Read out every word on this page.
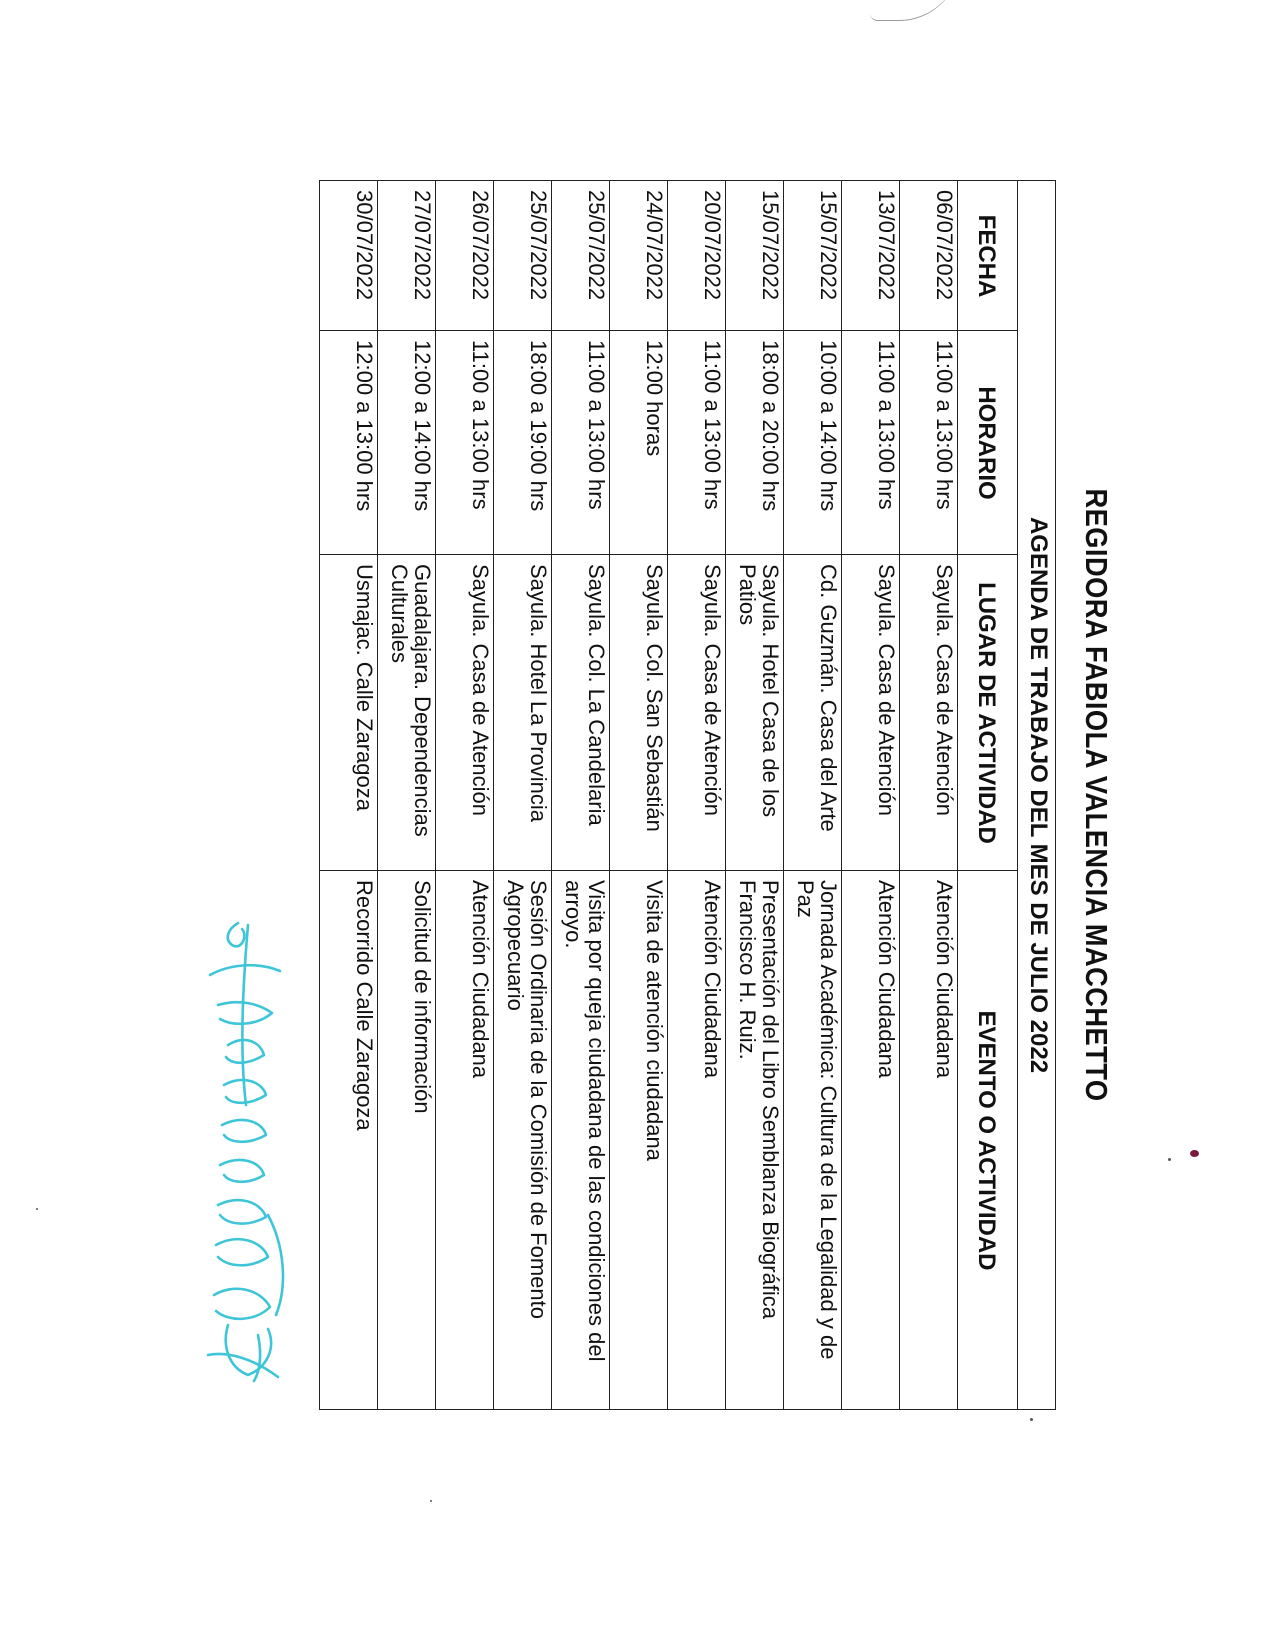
REGIDORA FABIOLA VALENCIA MACCHETTO
AGENDA DE TRABAJO DEL MES DE JULIO 2022			
FECHA	HORARIO	LUGAR DE ACTIVIDAD	EVENTO O ACTIVIDAD
06/07/2022	11:00 a 13:00 hrs	Sayula. Casa de Atención	Atención Ciudadana
13/07/2022	11:00 a 13:00 hrs	Sayula. Casa de Atención	Atención Ciudadana
15/07/2022	10:00 a 14:00 hrs	Cd. Guzmán. Casa del Arte	Jornada Académica: Cultura de la Legalidad y de Paz
15/07/2022	18:00 a 20:00 hrs	Sayula. Hotel Casa de los Patios	Presentación del Libro Semblanza Biográfica Francisco H. Ruiz.
20/07/2022	11:00 a 13:00 hrs	Sayula. Casa de Atención	Atención Ciudadana
24/07/2022	12:00 horas	Sayula. Col. San Sebastián	Visita de atención ciudadana
25/07/2022	11:00 a 13:00 hrs	Sayula. Col. La Candelaria	Visita por queja ciudadana de las condiciones del arroyo.
25/07/2022	18:00 a 19:00 hrs	Sayula. Hotel La Provincia	Sesión Ordinaria de la Comisión de Fomento Agropecuario
26/07/2022	11:00 a 13:00 hrs	Sayula. Casa de Atención	Atención Ciudadana
27/07/2022	12:00 a 14:00 hrs	Guadalajara. Dependencias Culturales	Solicitud de información
30/07/2022	12:00 a 13:00 hrs	Usmajac. Calle Zaragoza	Recorrido Calle Zaragoza
